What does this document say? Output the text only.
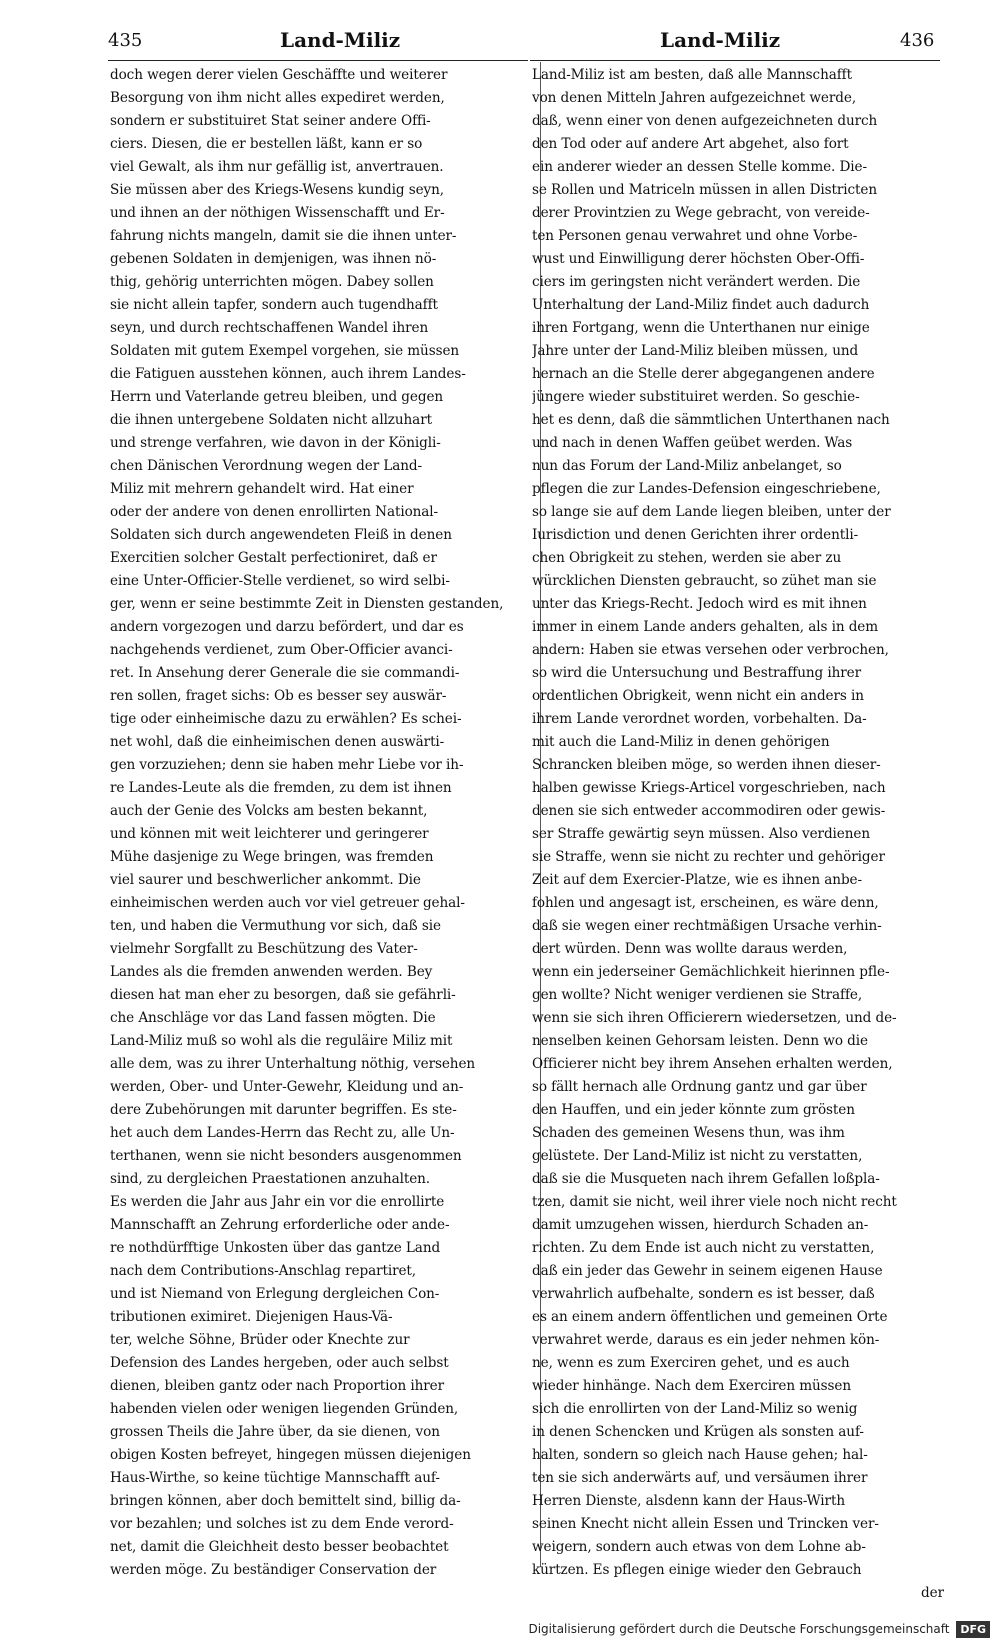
435	Land-Miliz	Land-Miliz	436
doch wegen derer vielen Geschäffte und weiterer
Besorgung von ihm nicht alles expediret werden,
sondern er substituiret Stat seiner andere Offi-
ciers. Diesen, die er bestellen läßt, kann er so
viel Gewalt, als ihm nur gefällig ist, anvertrauen.
Sie müssen aber des Kriegs-Wesens kundig seyn,
und ihnen an der nöthigen Wissenschafft und Er-
fahrung nichts mangeln, damit sie die ihnen unter-
gebenen Soldaten in demjenigen, was ihnen nö-
thig, gehörig unterrichten mögen. Dabey sollen
sie nicht allein tapfer, sondern auch tugendhafft
seyn, und durch rechtschaffenen Wandel ihren
Soldaten mit gutem Exempel vorgehen, sie müssen
die Fatiguen ausstehen können, auch ihrem Landes-
Herrn und Vaterlande getreu bleiben, und gegen
die ihnen untergebene Soldaten nicht allzuhart
und strenge verfahren, wie davon in der Königli-
chen Dänischen Verordnung wegen der Land-
Miliz mit mehrern gehandelt wird. Hat einer
oder der andere von denen enrollirten National-
Soldaten sich durch angewendeten Fleiß in denen
Exercitien solcher Gestalt perfectioniret, daß er
eine Unter-Officier-Stelle verdienet, so wird selbi-
ger, wenn er seine bestimmte Zeit in Diensten gestanden,
andern vorgezogen und darzu befördert, und dar es
nachgehends verdienet, zum Ober-Officier avanci-
ret. In Ansehung derer Generale die sie commandi-
ren sollen, fraget sichs: Ob es besser sey auswär-
tige oder einheimische dazu zu erwählen? Es schei-
net wohl, daß die einheimischen denen auswärti-
gen vorzuziehen; denn sie haben mehr Liebe vor ih-
re Landes-Leute als die fremden, zu dem ist ihnen
auch der Genie des Volcks am besten bekannt,
und können mit weit leichterer und geringerer
Mühe dasjenige zu Wege bringen, was fremden
viel saurer und beschwerlicher ankommt. Die
einheimischen werden auch vor viel getreuer gehal-
ten, und haben die Vermuthung vor sich, daß sie
vielmehr Sorgfallt zu Beschützung des Vater-
Landes als die fremden anwenden werden. Bey
diesen hat man eher zu besorgen, daß sie gefährli-
che Anschläge vor das Land fassen mögten. Die
Land-Miliz muß so wohl als die reguläire Miliz mit
alle dem, was zu ihrer Unterhaltung nöthig, versehen
werden, Ober- und Unter-Gewehr, Kleidung und an-
dere Zubehörungen mit darunter begriffen. Es ste-
het auch dem Landes-Herrn das Recht zu, alle Un-
terthanen, wenn sie nicht besonders ausgenommen
sind, zu dergleichen Praestationen anzuhalten.
Es werden die Jahr aus Jahr ein vor die enrollirte
Mannschafft an Zehrung erforderliche oder ande-
re nothdürfftige Unkosten über das gantze Land
nach dem Contributions-Anschlag repartiret,
und ist Niemand von Erlegung dergleichen Con-
tributionen eximiret. Diejenigen Haus-Vä-
ter, welche Söhne, Brüder oder Knechte zur
Defension des Landes hergeben, oder auch selbst
dienen, bleiben gantz oder nach Proportion ihrer
habenden vielen oder wenigen liegenden Gründen,
grossen Theils die Jahre über, da sie dienen, von
obigen Kosten befreyet, hingegen müssen diejenigen
Haus-Wirthe, so keine tüchtige Mannschafft auf-
bringen können, aber doch bemittelt sind, billig da-
vor bezahlen; und solches ist zu dem Ende verord-
net, damit die Gleichheit desto besser beobachtet
werden möge. Zu beständiger Conservation der
Land-Miliz ist am besten, daß alle Mannschafft
von denen Mitteln Jahren aufgezeichnet werde,
daß, wenn einer von denen aufgezeichneten durch
den Tod oder auf andere Art abgehet, also fort
ein anderer wieder an dessen Stelle komme. Die-
se Rollen und Matriceln müssen in allen Districten
derer Provintzien zu Wege gebracht, von vereide-
ten Personen genau verwahret und ohne Vorbe-
wust und Einwilligung derer höchsten Ober-Offi-
ciers im geringsten nicht verändert werden. Die
Unterhaltung der Land-Miliz findet auch dadurch
ihren Fortgang, wenn die Unterthanen nur einige
Jahre unter der Land-Miliz bleiben müssen, und
hernach an die Stelle derer abgegangenen andere
jüngere wieder substituiret werden. So geschie-
het es denn, daß die sämmtlichen Unterthanen nach
und nach in denen Waffen geübet werden. Was
nun das Forum der Land-Miliz anbelanget, so
pflegen die zur Landes-Defension eingeschriebene,
so lange sie auf dem Lande liegen bleiben, unter der
Iurisdiction und denen Gerichten ihrer ordentli-
chen Obrigkeit zu stehen, werden sie aber zu
würcklichen Diensten gebraucht, so zühet man sie
unter das Kriegs-Recht. Jedoch wird es mit ihnen
immer in einem Lande anders gehalten, als in dem
andern: Haben sie etwas versehen oder verbrochen,
so wird die Untersuchung und Bestraffung ihrer
ordentlichen Obrigkeit, wenn nicht ein anders in
ihrem Lande verordnet worden, vorbehalten. Da-
mit auch die Land-Miliz in denen gehörigen
Schrancken bleiben möge, so werden ihnen dieser-
halben gewisse Kriegs-Articel vorgeschrieben, nach
denen sie sich entweder accommodiren oder gewis-
ser Straffe gewärtig seyn müssen. Also verdienen
sie Straffe, wenn sie nicht zu rechter und gehöriger
Zeit auf dem Exercier-Platze, wie es ihnen anbe-
fohlen und angesagt ist, erscheinen, es wäre denn,
daß sie wegen einer rechtmäßigen Ursache verhin-
dert würden. Denn was wollte daraus werden,
wenn ein jederseiner Gemächlichkeit hierinnen pfle-
gen wollte? Nicht weniger verdienen sie Straffe,
wenn sie sich ihren Officierern wiedersetzen, und de-
nenselben keinen Gehorsam leisten. Denn wo die
Officierer nicht bey ihrem Ansehen erhalten werden,
so fällt hernach alle Ordnung gantz und gar über
den Hauffen, und ein jeder könnte zum grösten
Schaden des gemeinen Wesens thun, was ihm
gelüstete. Der Land-Miliz ist nicht zu verstatten,
daß sie die Musqueten nach ihrem Gefallen loßpla-
tzen, damit sie nicht, weil ihrer viele noch nicht recht
damit umzugehen wissen, hierdurch Schaden an-
richten. Zu dem Ende ist auch nicht zu verstatten,
daß ein jeder das Gewehr in seinem eigenen Hause
verwahrlich aufbehalte, sondern es ist besser, daß
es an einem andern öffentlichen und gemeinen Orte
verwahret werde, daraus es ein jeder nehmen kön-
ne, wenn es zum Exerciren gehet, und es auch
wieder hinhänge. Nach dem Exerciren müssen
sich die enrollirten von der Land-Miliz so wenig
in denen Schencken und Krügen als sonsten auf-
halten, sondern so gleich nach Hause gehen; hal-
ten sie sich anderwärts auf, und versäumen ihrer
Herren Dienste, alsdenn kann der Haus-Wirth
seinen Knecht nicht allein Essen und Trincken ver-
weigern, sondern auch etwas von dem Lohne ab-
kürtzen. Es pflegen einige wieder den Gebrauch
der
Digitalisierung gefördert durch die Deutsche Forschungsgemeinschaft DFG
